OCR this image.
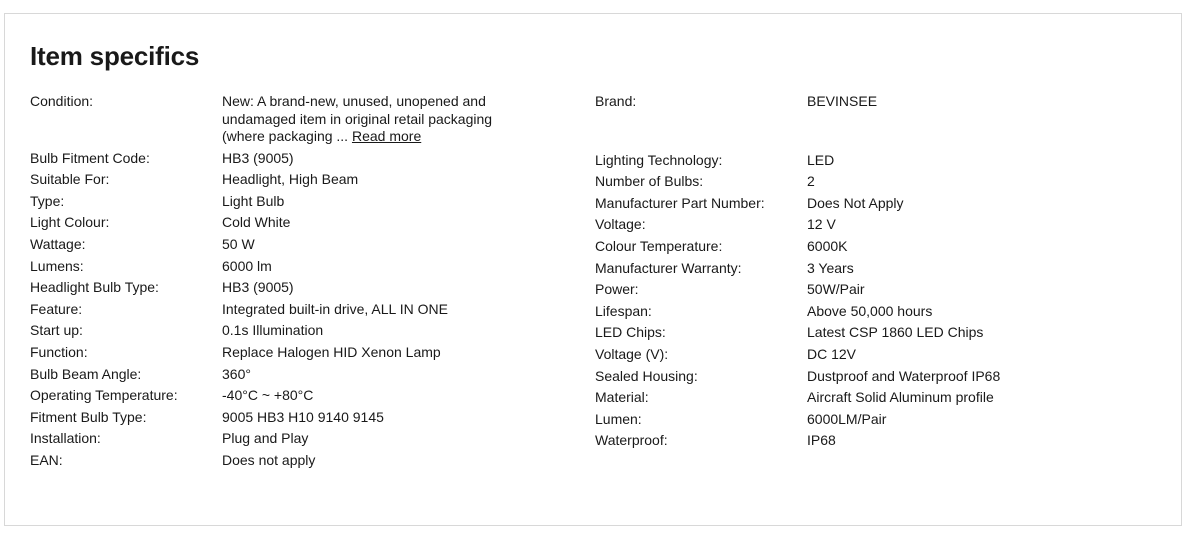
Item specifics
Condition:	New: A brand-new, unused, unopened and undamaged item in original retail packaging (where packaging ... Read more
Bulb Fitment Code:	HB3 (9005)
Suitable For:	Headlight, High Beam
Type:	Light Bulb
Light Colour:	Cold White
Wattage:	50 W
Lumens:	6000 lm
Headlight Bulb Type:	HB3 (9005)
Feature:	Integrated built-in drive, ALL IN ONE
Start up:	0.1s Illumination
Function:	Replace Halogen HID Xenon Lamp
Bulb Beam Angle:	360°
Operating Temperature:	-40°C ~ +80°C
Fitment Bulb Type:	9005 HB3 H10 9140 9145
Installation:	Plug and Play
EAN:	Does not apply
Brand:	BEVINSEE
Lighting Technology:	LED
Number of Bulbs:	2
Manufacturer Part Number:	Does Not Apply
Voltage:	12 V
Colour Temperature:	6000K
Manufacturer Warranty:	3 Years
Power:	50W/Pair
Lifespan:	Above 50,000 hours
LED Chips:	Latest CSP 1860 LED Chips
Voltage (V):	DC 12V
Sealed Housing:	Dustproof and Waterproof IP68
Material:	Aircraft Solid Aluminum profile
Lumen:	6000LM/Pair
Waterproof:	IP68
